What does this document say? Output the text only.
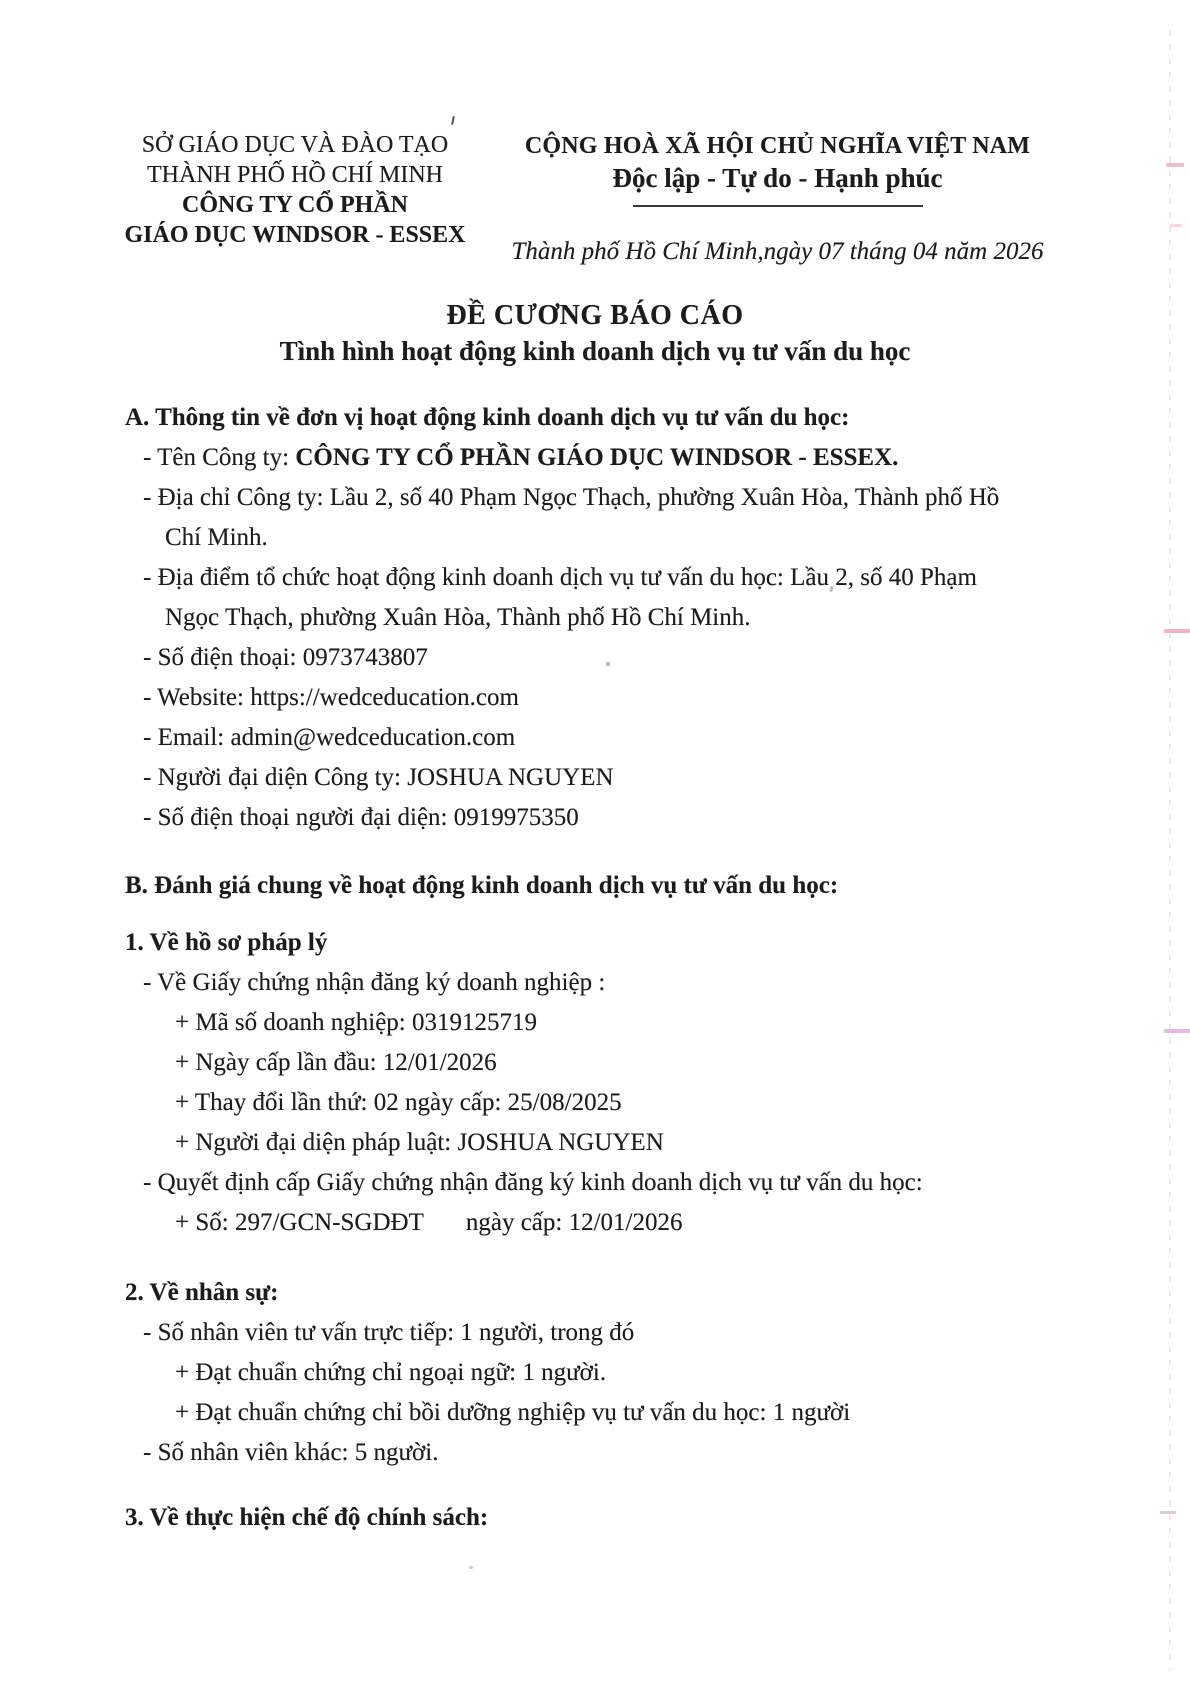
SỞ GIÁO DỤC VÀ ĐÀO TẠO
THÀNH PHỐ HỒ CHÍ MINH
CÔNG TY CỔ PHẦN
GIÁO DỤC WINDSOR - ESSEX
CỘNG HOÀ XÃ HỘI CHỦ NGHĨA VIỆT NAM
Độc lập - Tự do - Hạnh phúc
Thành phố Hồ Chí Minh,ngày 07 tháng 04 năm 2026
ĐỀ CƯƠNG BÁO CÁO
Tình hình hoạt động kinh doanh dịch vụ tư vấn du học
A. Thông tin về đơn vị hoạt động kinh doanh dịch vụ tư vấn du học:
- Tên Công ty: CÔNG TY CỔ PHẦN GIÁO DỤC WINDSOR - ESSEX.
- Địa chỉ Công ty: Lầu 2, số 40 Phạm Ngọc Thạch, phường Xuân Hòa, Thành phố Hồ
Chí Minh.
- Địa điểm tổ chức hoạt động kinh doanh dịch vụ tư vấn du học: Lầu 2, số 40 Phạm
Ngọc Thạch, phường Xuân Hòa, Thành phố Hồ Chí Minh.
- Số điện thoại: 0973743807
- Website: https://wedceducation.com
- Email: admin@wedceducation.com
- Người đại diện Công ty: JOSHUA NGUYEN
- Số điện thoại người đại diện: 0919975350
B. Đánh giá chung về hoạt động kinh doanh dịch vụ tư vấn du học:
1. Về hồ sơ pháp lý
- Về Giấy chứng nhận đăng ký doanh nghiệp :
+ Mã số doanh nghiệp: 0319125719
+ Ngày cấp lần đầu: 12/01/2026
+ Thay đổi lần thứ: 02 ngày cấp: 25/08/2025
+ Người đại diện pháp luật: JOSHUA NGUYEN
- Quyết định cấp Giấy chứng nhận đăng ký kinh doanh dịch vụ tư vấn du học:
+ Số: 297/GCN-SGDĐT ngày cấp: 12/01/2026
2. Về nhân sự:
- Số nhân viên tư vấn trực tiếp: 1 người, trong đó
+ Đạt chuẩn chứng chỉ ngoại ngữ: 1 người.
+ Đạt chuẩn chứng chỉ bồi dưỡng nghiệp vụ tư vấn du học: 1 người
- Số nhân viên khác: 5 người.
3. Về thực hiện chế độ chính sách:
